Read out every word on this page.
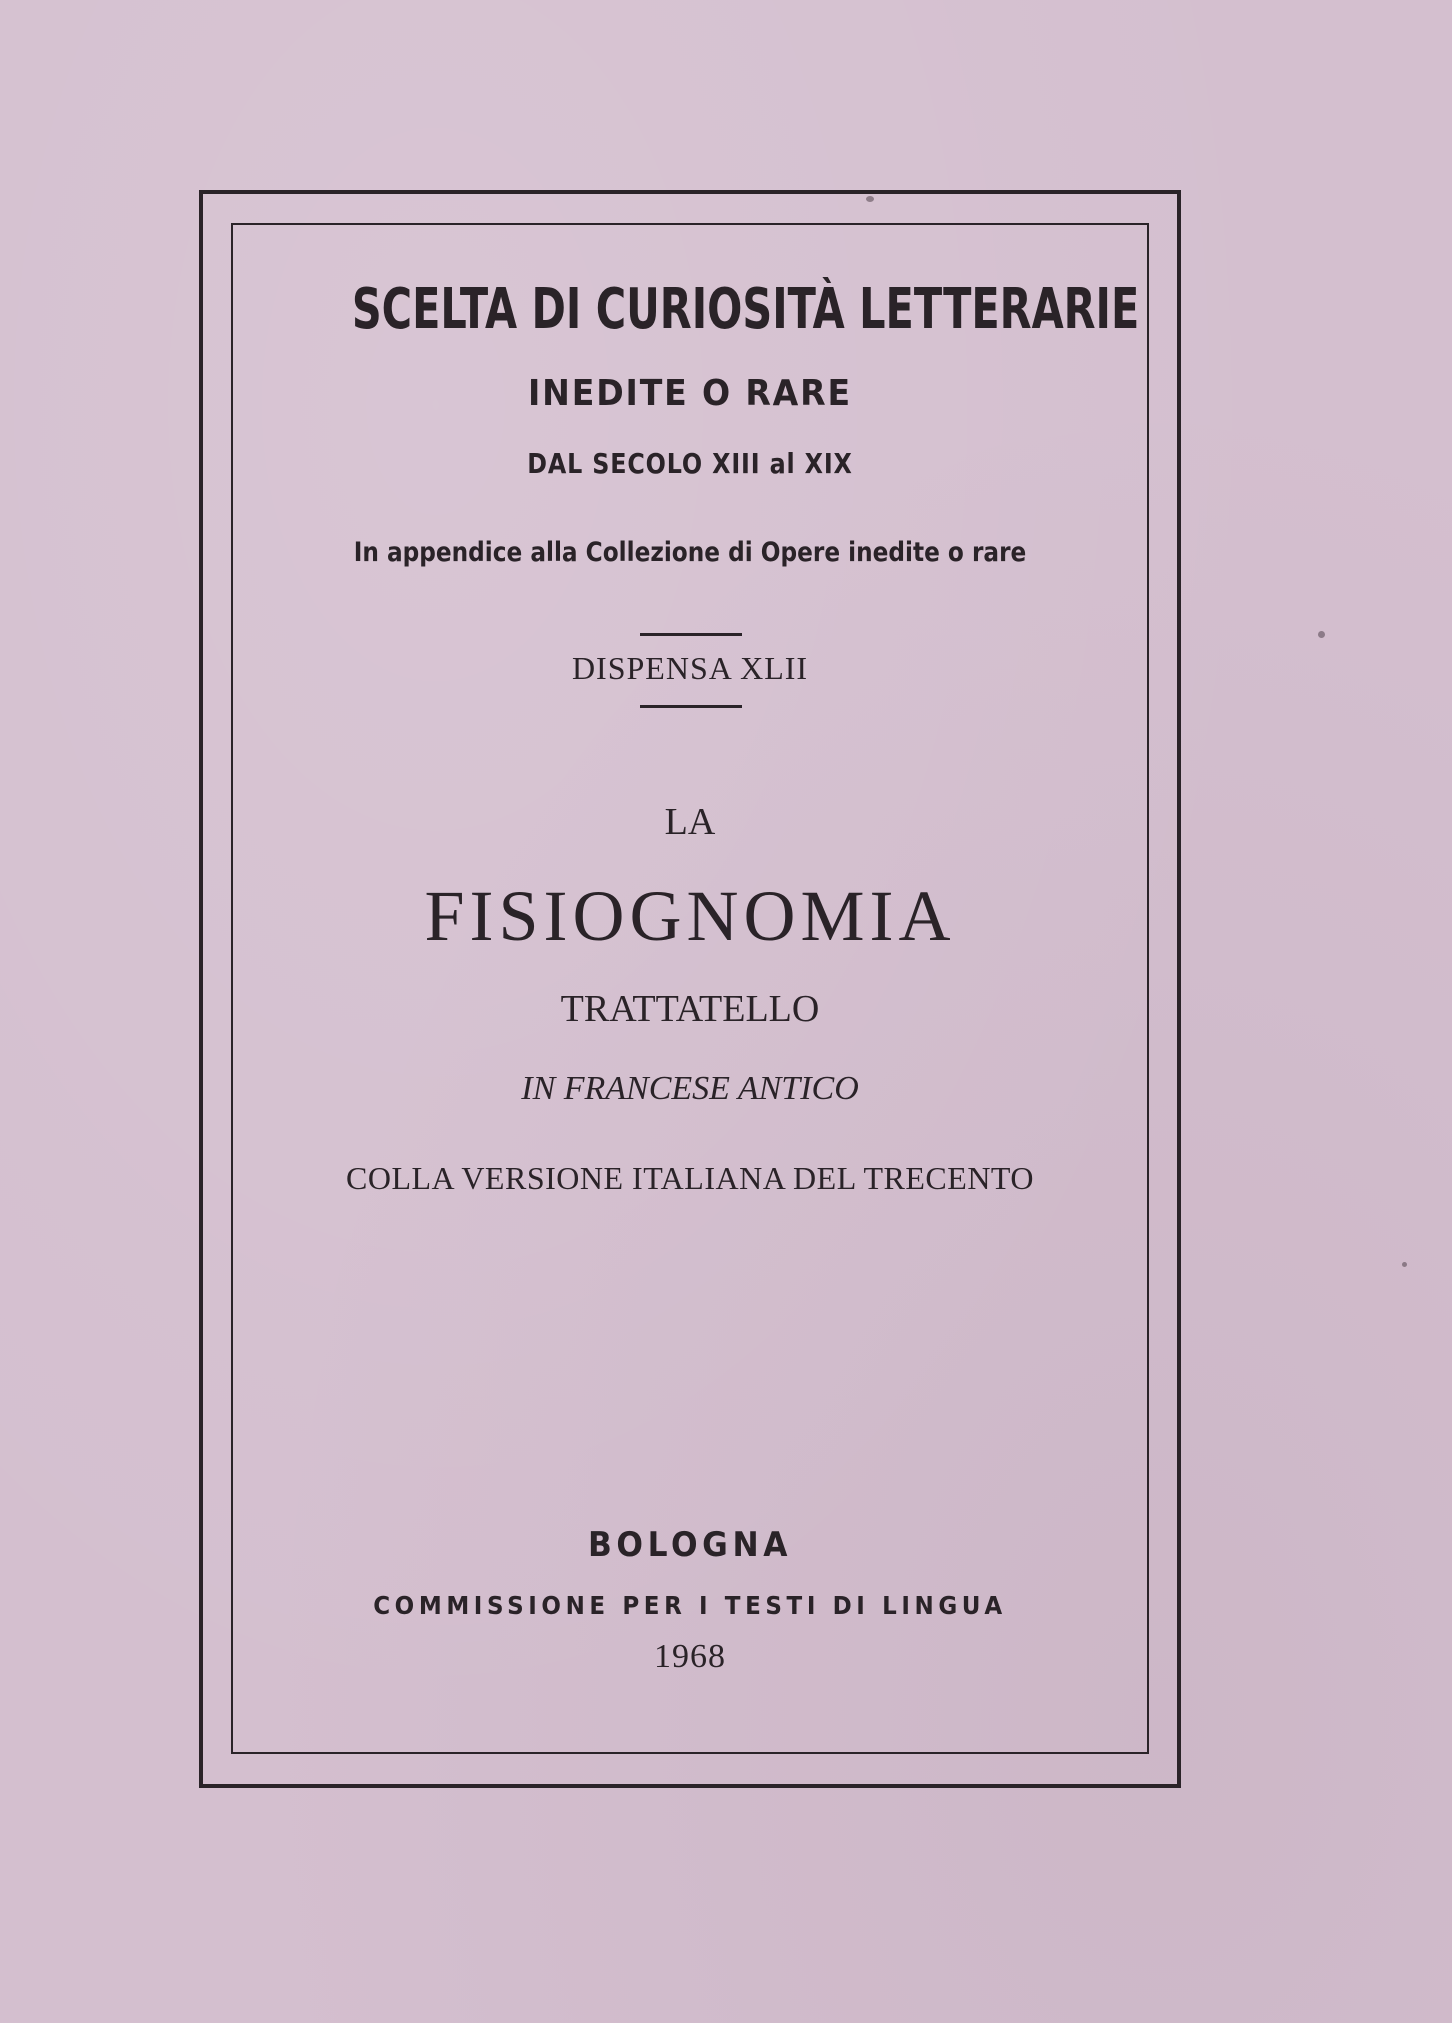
SCELTA DI CURIOSITÀ LETTERARIE
INEDITE O RARE
DAL SECOLO XIII al XIX
In appendice alla Collezione di Opere inedite o rare
DISPENSA XLII
LA
FISIOGNOMIA
TRATTATELLO
IN FRANCESE ANTICO
COLLA VERSIONE ITALIANA DEL TRECENTO
BOLOGNA
COMMISSIONE PER I TESTI DI LINGUA
1968
